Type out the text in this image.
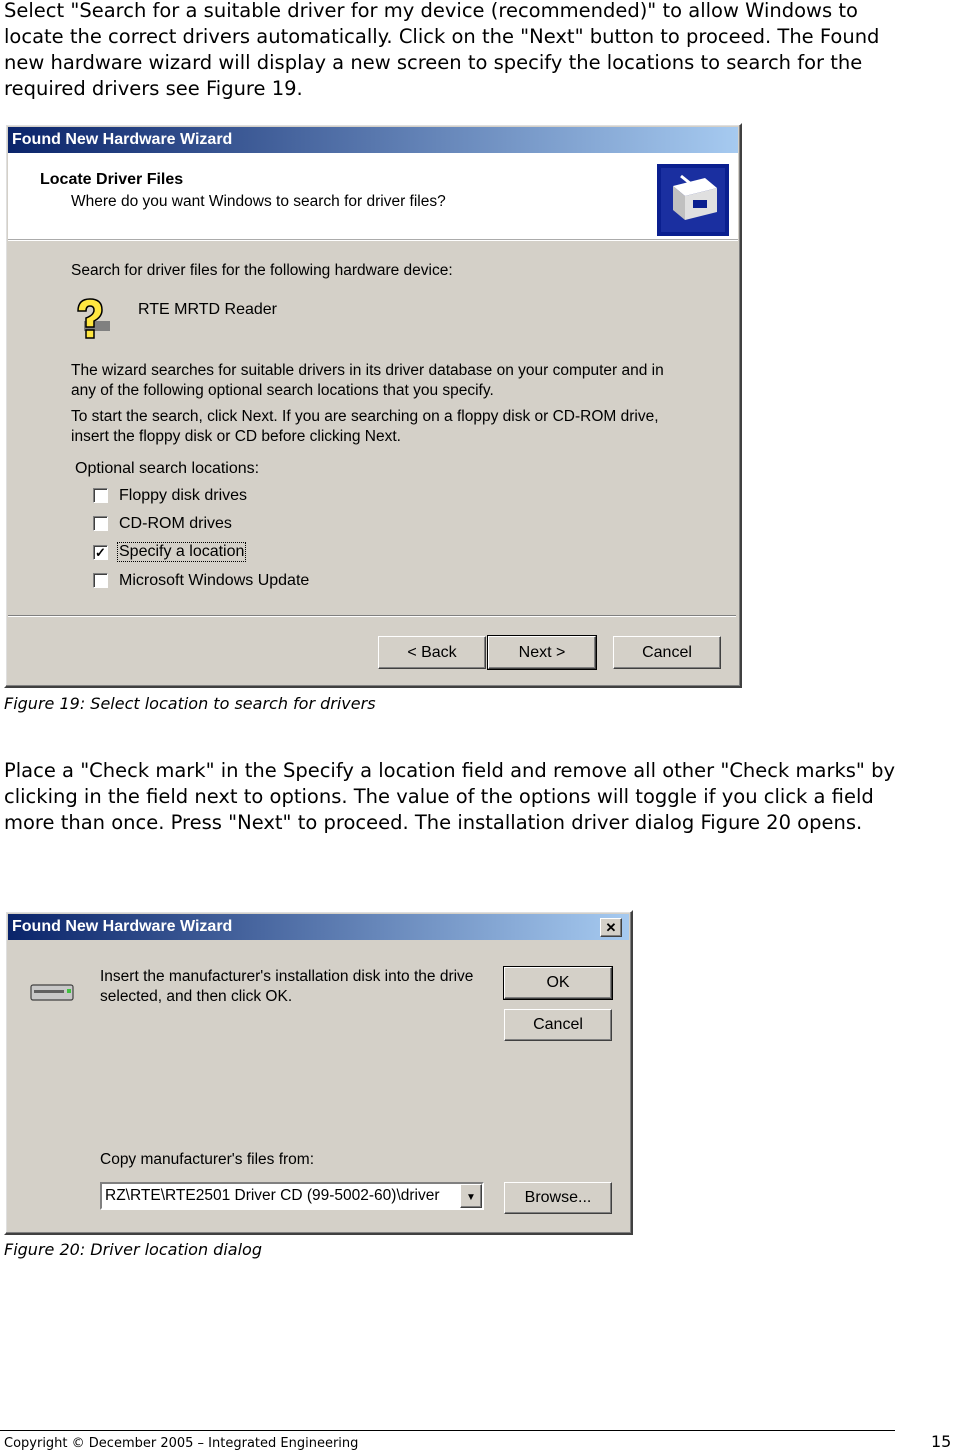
Select "Search for a suitable driver for my device (recommended)" to allow Windows to locate the correct drivers automatically. Click on the "Next" button to proceed. The Found new hardware wizard will display a new screen to specify the locations to search for the required drivers see Figure 19.

Found New Hardware Wizard
Locate Driver Files
Where do you want Windows to search for driver files?
Search for driver files for the following hardware device:
RTE MRTD Reader
The wizard searches for suitable drivers in its driver database on your computer and in any of the following optional search locations that you specify.
To start the search, click Next. If you are searching on a floppy disk or CD-ROM drive, insert the floppy disk or CD before clicking Next.
Optional search locations:
Floppy disk drives
CD-ROM drives
✓ Specify a location
Microsoft Windows Update
< Back	Next >	Cancel
Figure 19: Select location to search for drivers

Place a "Check mark" in the Specify a location field and remove all other "Check marks" by clicking in the field next to options. The value of the options will toggle if you click a field more than once. Press "Next" to proceed. The installation driver dialog Figure 20 opens.

Found New Hardware Wizard	✕
Insert the manufacturer's installation disk into the drive selected, and then click OK.
OK
Cancel
Copy manufacturer's files from:
RZ\RTE\RTE2501 Driver CD (99-5002-60)\driver	▼	Browse...
Figure 20: Driver location dialog
Copyright © December 2005 – Integrated Engineering	15
